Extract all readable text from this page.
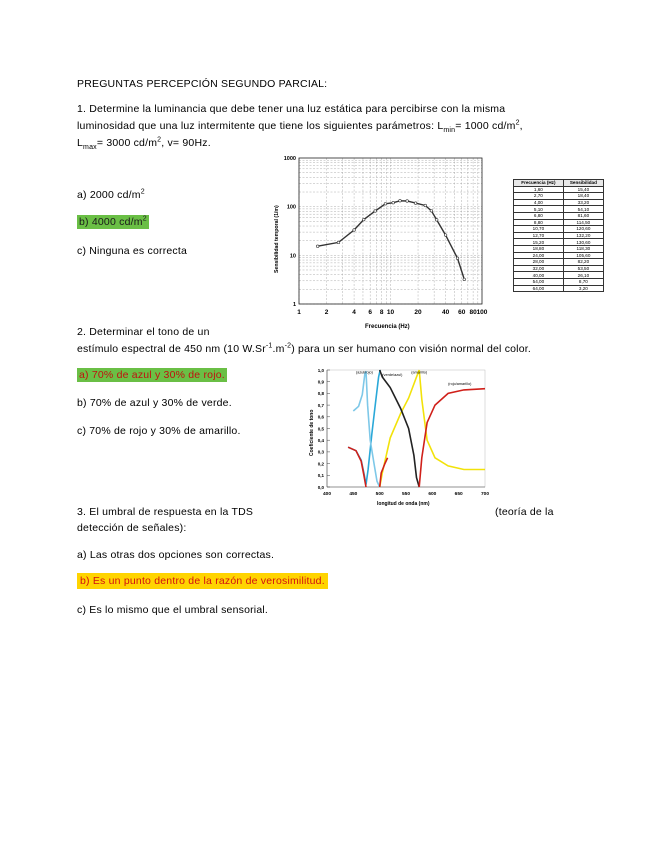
PREGUNTAS PERCEPCIÓN SEGUNDO PARCIAL:
1. Determine la luminancia que debe tener una luz estática para percibirse con la misma
luminosidad que una luz intermitente que tiene los siguientes parámetros: $L_{min}= 1000$ $cd/m^2$,
$L_{max}= 3000$ $cd/m^2$, v= 90Hz.
a) 2000 $cd/m^2$
b) 4000 $cd/m^2$
c) Ninguna es correcta
1000
100
10
1
1	2	4 6 8 10	20	40 60 80 100
Sensibilidad temporal (1/m)
Frecuencia (Hz)
Frecuencia (Hz)	Sensibilidad
1,60	15,40
2,70	18,40
4,00	33,20
5,10	54,10
6,80	81,60
8,80	114,50
10,70	120,60
12,70	132,20
15,20	130,60
18,80	118,30
24,00	105,60
28,00	82,20
32,00	53,50
40,00	26,10
54,00	8,70
64,00	3,20
2. Determinar el tono de un
estímulo espectral de 450 nm (10 $W.Sr^{-1}.m^{-2}$) para un ser humano con visión normal del color.
a) 70% de azul y 30% de rojo.
b) 70% de azul y 30% de verde.
c) 70% de rojo y 30% de amarillo.
1,0
0,9
0,8
0,7
0,6
0,5
0,4
0,3
0,2
0,1
0,0
400	450	500	550	600	650	700
Coeficiente de tono
longitud de onda (nm)
(azul/rojo)
(verde/azul)
(amarillo)
(rojo/amarillo)
3. El umbral de respuesta en la TDS	(teoría de la
detección de señales):
a) Las otras dos opciones son correctas.
b) Es un punto dentro de la razón de verosimilitud.
c) Es lo mismo que el umbral sensorial.
